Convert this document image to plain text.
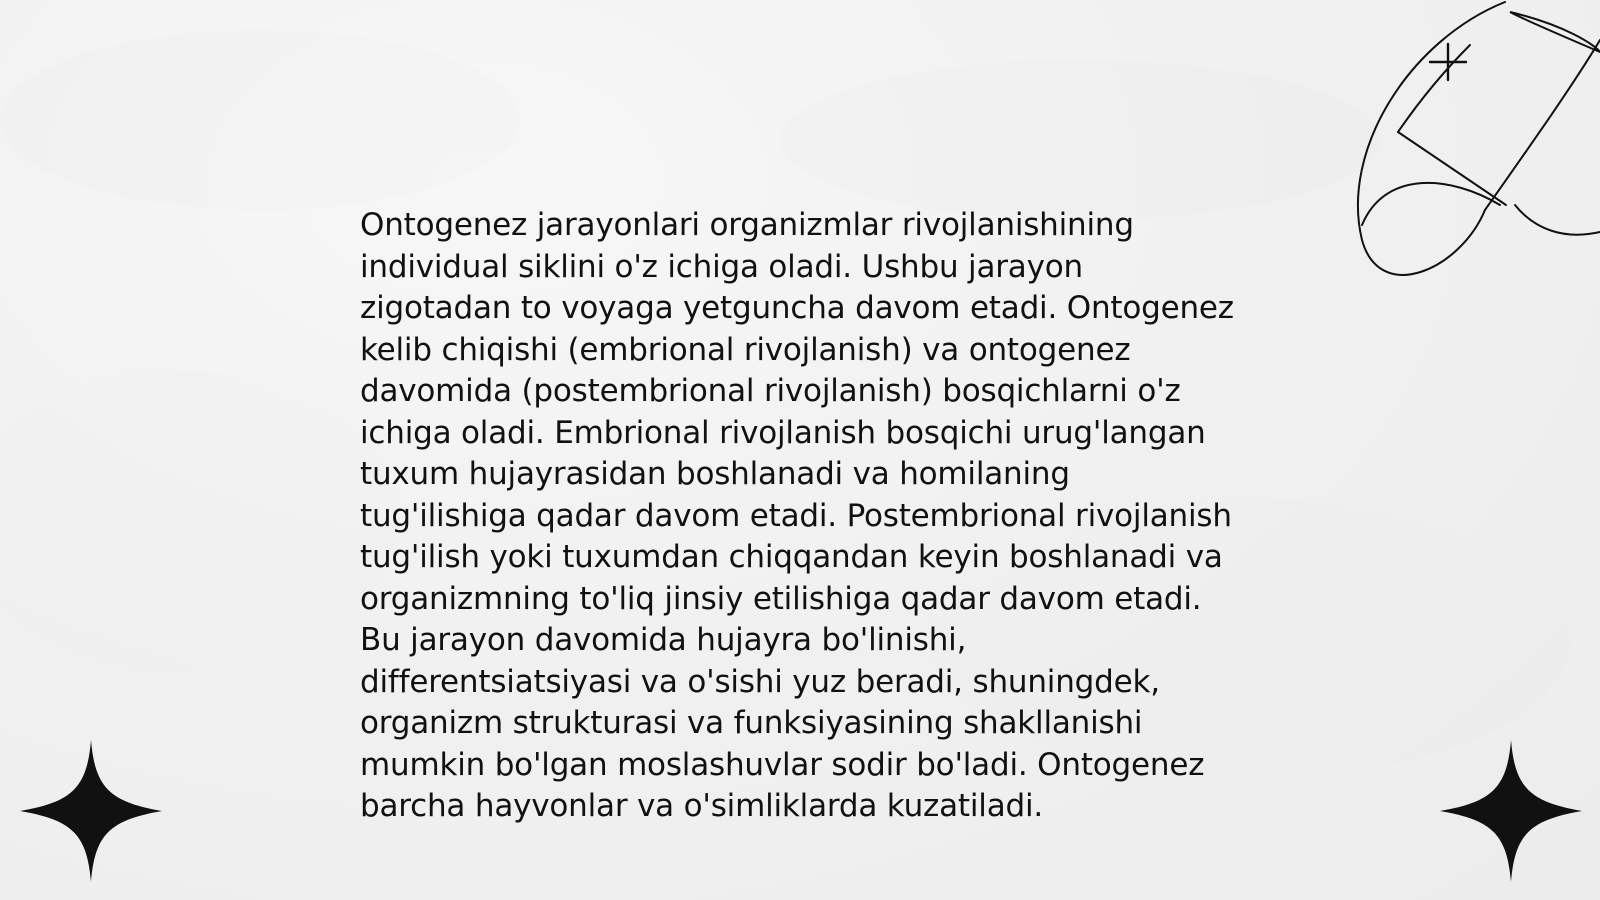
Ontogenez jarayonlari organizmlar rivojlanishining individual siklini o'z ichiga oladi. Ushbu jarayon zigotadan to voyaga yetguncha davom etadi. Ontogenez kelib chiqishi (embrional rivojlanish) va ontogenez davomida (postembrional rivojlanish) bosqichlarni o'z ichiga oladi. Embrional rivojlanish bosqichi urug'langan tuxum hujayrasidan boshlanadi va homilaning tug'ilishiga qadar davom etadi. Postembrional rivojlanish tug'ilish yoki tuxumdan chiqqandan keyin boshlanadi va organizmning to'liq jinsiy etilishiga qadar davom etadi. Bu jarayon davomida hujayra bo'linishi, differentsiatsiyasi va o'sishi yuz beradi, shuningdek, organizm strukturasi va funksiyasining shakllanishi mumkin bo'lgan moslashuvlar sodir bo'ladi. Ontogenez barcha hayvonlar va o'simliklarda kuzatiladi.
